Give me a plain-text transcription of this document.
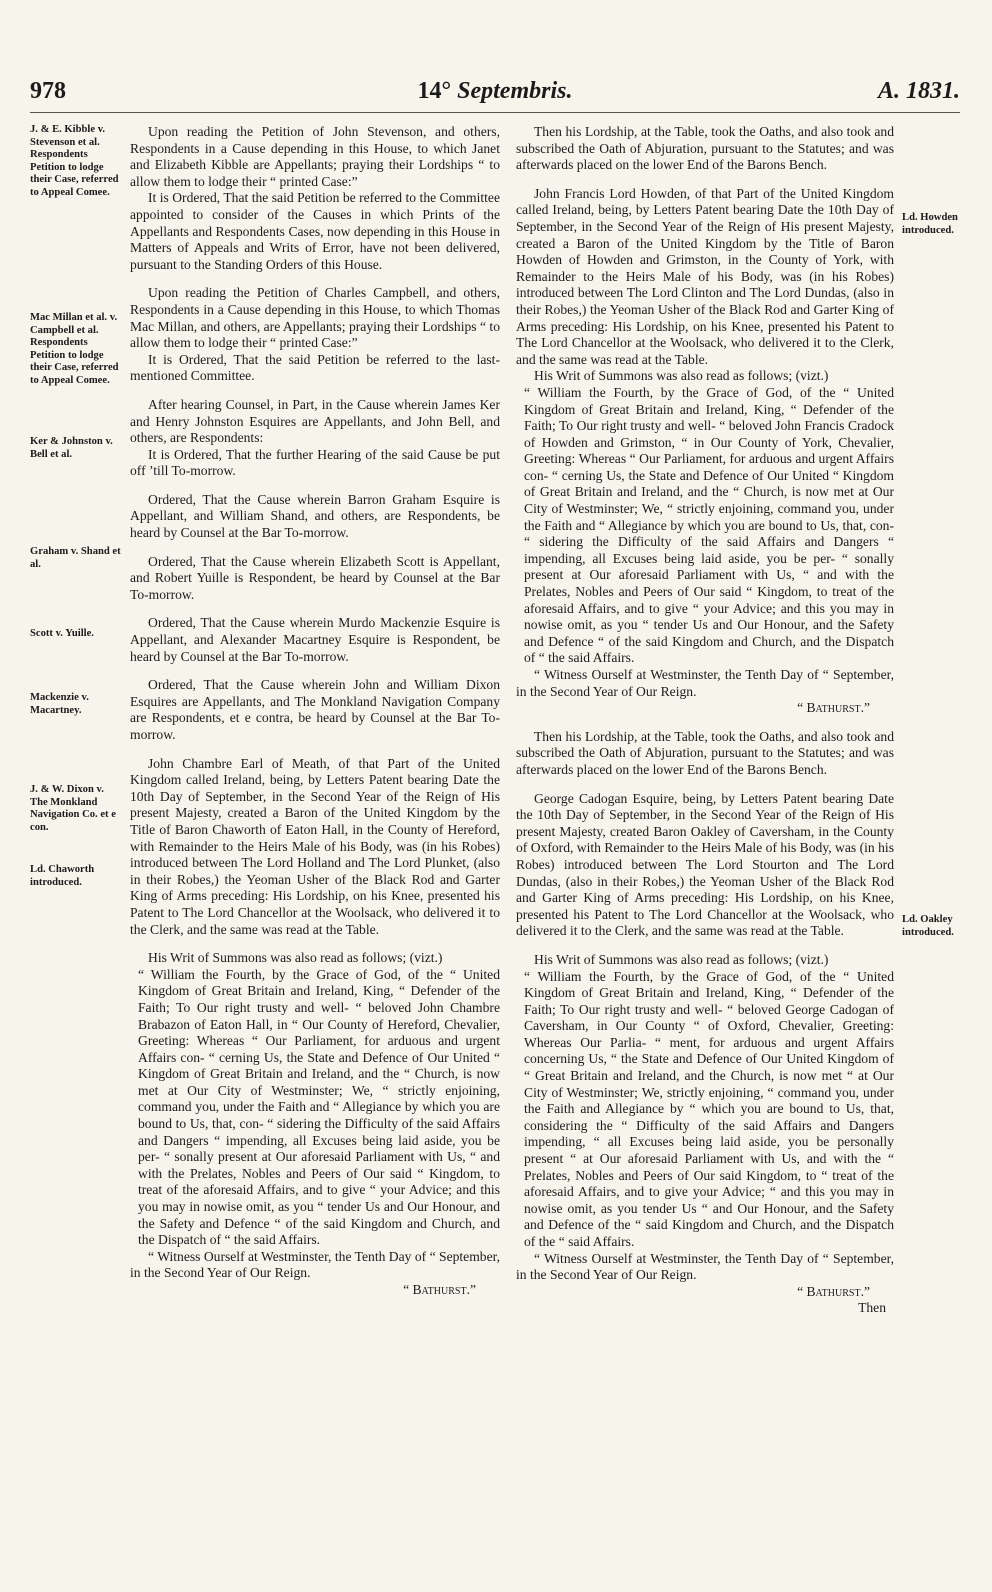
978	14° Septembris.	A. 1831.

J. & E. Kibble v. Stevenson et al. Respondents Petition to lodge their Case, referred to Appeal Comee.

Mac Millan et al. v. Campbell et al. Respondents Petition to lodge their Case, referred to Appeal Comee.

Ker & Johnston v. Bell et al.

Graham v. Shand et al.

Scott v. Yuille.

Mackenzie v. Macartney.

J. & W. Dixon v. The Monkland Navigation Co. et e con.

Ld. Chaworth introduced.

Ld. Howden introduced.

Ld. Oakley introduced.

Upon reading the Petition of John Stevenson, and others, Respondents in a Cause depending in this House, to which Janet and Elizabeth Kibble are Appellants; praying their Lordships “ to allow them to lodge their “ printed Case:”

It is Ordered, That the said Petition be referred to the Committee appointed to consider of the Causes in which Prints of the Appellants and Respondents Cases, now depending in this House in Matters of Appeals and Writs of Error, have not been delivered, pursuant to the Standing Orders of this House.

Upon reading the Petition of Charles Campbell, and others, Respondents in a Cause depending in this House, to which Thomas Mac Millan, and others, are Appellants; praying their Lordships “ to allow them to lodge their “ printed Case:”

It is Ordered, That the said Petition be referred to the last-mentioned Committee.

After hearing Counsel, in Part, in the Cause wherein James Ker and Henry Johnston Esquires are Appellants, and John Bell, and others, are Respondents:

It is Ordered, That the further Hearing of the said Cause be put off ’till To-morrow.

Ordered, That the Cause wherein Barron Graham Esquire is Appellant, and William Shand, and others, are Respondents, be heard by Counsel at the Bar To-morrow.

Ordered, That the Cause wherein Elizabeth Scott is Appellant, and Robert Yuille is Respondent, be heard by Counsel at the Bar To-morrow.

Ordered, That the Cause wherein Murdo Mackenzie Esquire is Appellant, and Alexander Macartney Esquire is Respondent, be heard by Counsel at the Bar To-morrow.

Ordered, That the Cause wherein John and William Dixon Esquires are Appellants, and The Monkland Navigation Company are Respondents, et e contra, be heard by Counsel at the Bar To-morrow.

John Chambre Earl of Meath, of that Part of the United Kingdom called Ireland, being, by Letters Patent bearing Date the 10th Day of September, in the Second Year of the Reign of His present Majesty, created a Baron of the United Kingdom by the Title of Baron Chaworth of Eaton Hall, in the County of Hereford, with Remainder to the Heirs Male of his Body, was (in his Robes) introduced between The Lord Holland and The Lord Plunket, (also in their Robes,) the Yeoman Usher of the Black Rod and Garter King of Arms preceding: His Lordship, on his Knee, presented his Patent to The Lord Chancellor at the Woolsack, who delivered it to the Clerk, and the same was read at the Table.

His Writ of Summons was also read as follows; (vizt.)

“ William the Fourth, by the Grace of God, of the “ United Kingdom of Great Britain and Ireland, King, “ Defender of the Faith; To Our right trusty and well- “ beloved John Chambre Brabazon of Eaton Hall, in “ Our County of Hereford, Chevalier, Greeting: Whereas “ Our Parliament, for arduous and urgent Affairs con- “ cerning Us, the State and Defence of Our United “ Kingdom of Great Britain and Ireland, and the “ Church, is now met at Our City of Westminster; We, “ strictly enjoining, command you, under the Faith and “ Allegiance by which you are bound to Us, that, con- “ sidering the Difficulty of the said Affairs and Dangers “ impending, all Excuses being laid aside, you be per- “ sonally present at Our aforesaid Parliament with Us, “ and with the Prelates, Nobles and Peers of Our said “ Kingdom, to treat of the aforesaid Affairs, and to give “ your Advice; and this you may in nowise omit, as you “ tender Us and Our Honour, and the Safety and Defence “ of the said Kingdom and Church, and the Dispatch of “ the said Affairs.

“ Witness Ourself at Westminster, the Tenth Day of “ September, in the Second Year of Our Reign.

“ Bathurst.”

Then his Lordship, at the Table, took the Oaths, and also took and subscribed the Oath of Abjuration, pursuant to the Statutes; and was afterwards placed on the lower End of the Barons Bench.

John Francis Lord Howden, of that Part of the United Kingdom called Ireland, being, by Letters Patent bearing Date the 10th Day of September, in the Second Year of the Reign of His present Majesty, created a Baron of the United Kingdom by the Title of Baron Howden of Howden and Grimston, in the County of York, with Remainder to the Heirs Male of his Body, was (in his Robes) introduced between The Lord Clinton and The Lord Dundas, (also in their Robes,) the Yeoman Usher of the Black Rod and Garter King of Arms preceding: His Lordship, on his Knee, presented his Patent to The Lord Chancellor at the Woolsack, who delivered it to the Clerk, and the same was read at the Table.

His Writ of Summons was also read as follows; (vizt.)

“ William the Fourth, by the Grace of God, of the “ United Kingdom of Great Britain and Ireland, King, “ Defender of the Faith; To Our right trusty and well- “ beloved John Francis Cradock of Howden and Grimston, “ in Our County of York, Chevalier, Greeting: Whereas “ Our Parliament, for arduous and urgent Affairs con- “ cerning Us, the State and Defence of Our United “ Kingdom of Great Britain and Ireland, and the “ Church, is now met at Our City of Westminster; We, “ strictly enjoining, command you, under the Faith and “ Allegiance by which you are bound to Us, that, con- “ sidering the Difficulty of the said Affairs and Dangers “ impending, all Excuses being laid aside, you be per- “ sonally present at Our aforesaid Parliament with Us, “ and with the Prelates, Nobles and Peers of Our said “ Kingdom, to treat of the aforesaid Affairs, and to give “ your Advice; and this you may in nowise omit, as you “ tender Us and Our Honour, and the Safety and Defence “ of the said Kingdom and Church, and the Dispatch of “ the said Affairs.

“ Witness Ourself at Westminster, the Tenth Day of “ September, in the Second Year of Our Reign.

“ Bathurst.”

Then his Lordship, at the Table, took the Oaths, and also took and subscribed the Oath of Abjuration, pursuant to the Statutes; and was afterwards placed on the lower End of the Barons Bench.

George Cadogan Esquire, being, by Letters Patent bearing Date the 10th Day of September, in the Second Year of the Reign of His present Majesty, created Baron Oakley of Caversham, in the County of Oxford, with Remainder to the Heirs Male of his Body, was (in his Robes) introduced between The Lord Stourton and The Lord Dundas, (also in their Robes,) the Yeoman Usher of the Black Rod and Garter King of Arms preceding: His Lordship, on his Knee, presented his Patent to The Lord Chancellor at the Woolsack, who delivered it to the Clerk, and the same was read at the Table.

His Writ of Summons was also read as follows; (vizt.)

“ William the Fourth, by the Grace of God, of the “ United Kingdom of Great Britain and Ireland, King, “ Defender of the Faith; To Our right trusty and well- “ beloved George Cadogan of Caversham, in Our County “ of Oxford, Chevalier, Greeting: Whereas Our Parlia- “ ment, for arduous and urgent Affairs concerning Us, “ the State and Defence of Our United Kingdom of “ Great Britain and Ireland, and the Church, is now met “ at Our City of Westminster; We, strictly enjoining, “ command you, under the Faith and Allegiance by “ which you are bound to Us, that, considering the “ Difficulty of the said Affairs and Dangers impending, “ all Excuses being laid aside, you be personally present “ at Our aforesaid Parliament with Us, and with the “ Prelates, Nobles and Peers of Our said Kingdom, to “ treat of the aforesaid Affairs, and to give your Advice; “ and this you may in nowise omit, as you tender Us “ and Our Honour, and the Safety and Defence of the “ said Kingdom and Church, and the Dispatch of the “ said Affairs.

“ Witness Ourself at Westminster, the Tenth Day of “ September, in the Second Year of Our Reign.

“ Bathurst.”

Then
